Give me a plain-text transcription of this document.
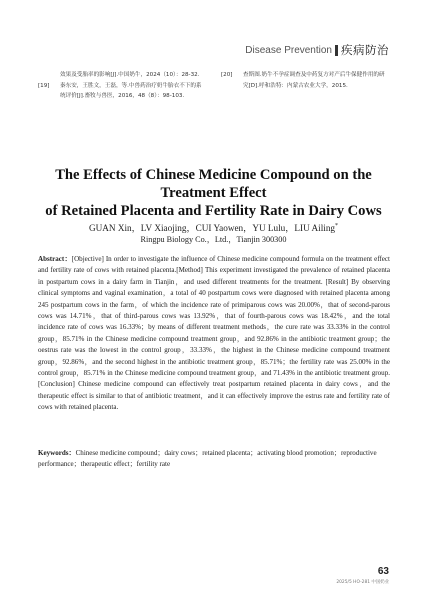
Disease Prevention 疾病防治
效果及受胎率的影响[J].中国奶牛，2024（10）：28-32.
[19]	秦东安，王胜文，王磊，等.中兽药治疗奶牛胎衣不下的系
统评价[J].畜牧与兽医，2016，48（8）：98-103.
[20]	查斯图.奶牛不孕症调查及中药复方对产后牛保健作用的研
究[D].呼和浩特：内蒙古农业大学，2015.
The Effects of Chinese Medicine Compound on the Treatment Effect
of Retained Placenta and Fertility Rate in Dairy Cows
GUAN Xin，LV Xiaojing，CUI Yaowen，YU Lulu，LIU Ailing*
Ringpu Biology Co.，Ltd.，Tianjin 300300
Abstract：[Objective] In order to investigate the influence of Chinese medicine compound formula on the treatment effect and fertility rate of cows with retained placenta.[Method] This experiment investigated the prevalence of retained placenta in postpartum cows in a dairy farm in Tianjin，and used different treatments for the treatment. [Result] By observing clinical symptoms and vaginal examination，a total of 40 postpartum cows were diagnosed with retained placenta among 245 postpartum cows in the farm，of which the incidence rate of primiparous cows was 20.00%，that of second-parous cows was 14.71%，that of third-parous cows was 13.92%，that of fourth-parous cows was 18.42%，and the total incidence rate of cows was 16.33%；by means of different treatment methods，the cure rate was 33.33% in the control group，85.71% in the Chinese medicine compound treatment group，and 92.86% in the antibiotic treatment group；the oestrus rate was the lowest in the control group，33.33%，the highest in the Chinese medicine compound treatment group，92.86%，and the second highest in the antibiotic treatment group，85.71%；the fertility rate was 25.00% in the control group，85.71% in the Chinese medicine compound treatment group，and 71.43% in the antibiotic treatment group.[Conclusion] Chinese medicine compound can effectively treat postpartum retained placenta in dairy cows，and the therapeutic effect is similar to that of antibiotic treatment，and it can effectively improve the estrus rate and fertility rate of cows with retained placenta.
Keywords：Chinese medicine compound；dairy cows；retained placenta；activating blood promotion；reproductive performance；therapeutic effect；fertility rate
63
2025/5 HO-281 中国奶业
